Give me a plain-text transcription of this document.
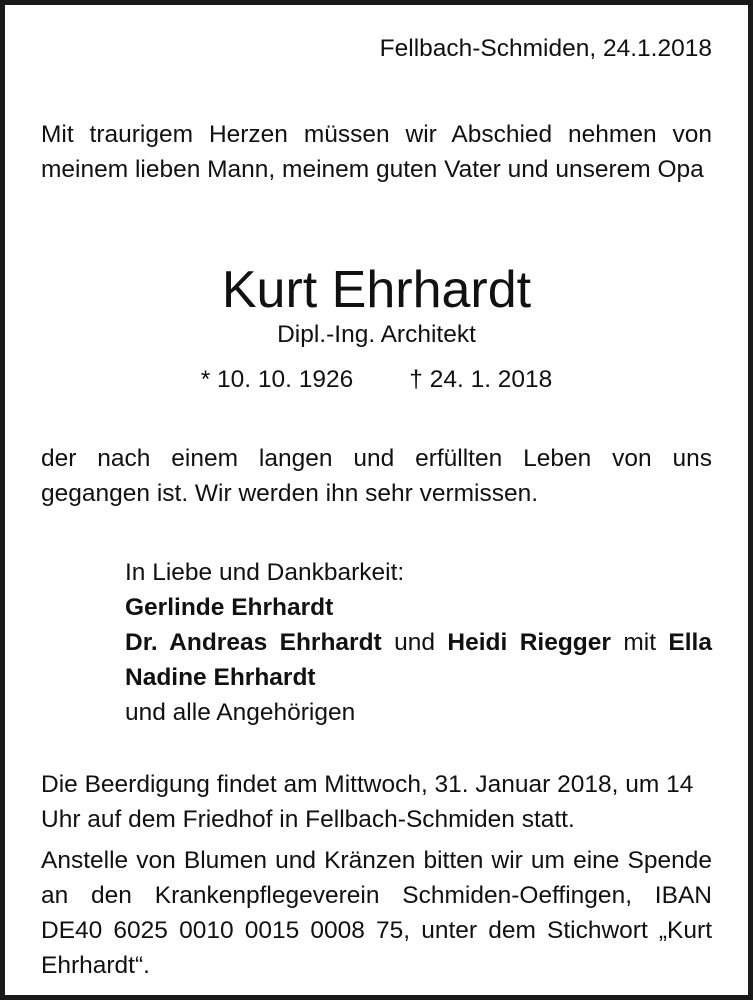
Fellbach-Schmiden, 24.1.2018
Mit traurigem Herzen müssen wir Abschied nehmen von meinem lieben Mann, meinem guten Vater und unserem Opa
Kurt Ehrhardt
Dipl.-Ing. Architekt
* 10. 10. 1926 † 24. 1. 2018
der nach einem langen und erfüllten Leben von uns gegangen ist. Wir werden ihn sehr vermissen.
In Liebe und Dankbarkeit:
Gerlinde Ehrhardt
Dr. Andreas Ehrhardt und Heidi Riegger mit Ella
Nadine Ehrhardt
und alle Angehörigen
Die Beerdigung findet am Mittwoch, 31. Januar 2018, um 14 Uhr auf dem Friedhof in Fellbach-Schmiden statt.
Anstelle von Blumen und Kränzen bitten wir um eine Spende an den Krankenpflegeverein Schmiden-Oeffingen, IBAN DE40 6025 0010 0015 0008 75, unter dem Stichwort „Kurt Ehrhardt“.
